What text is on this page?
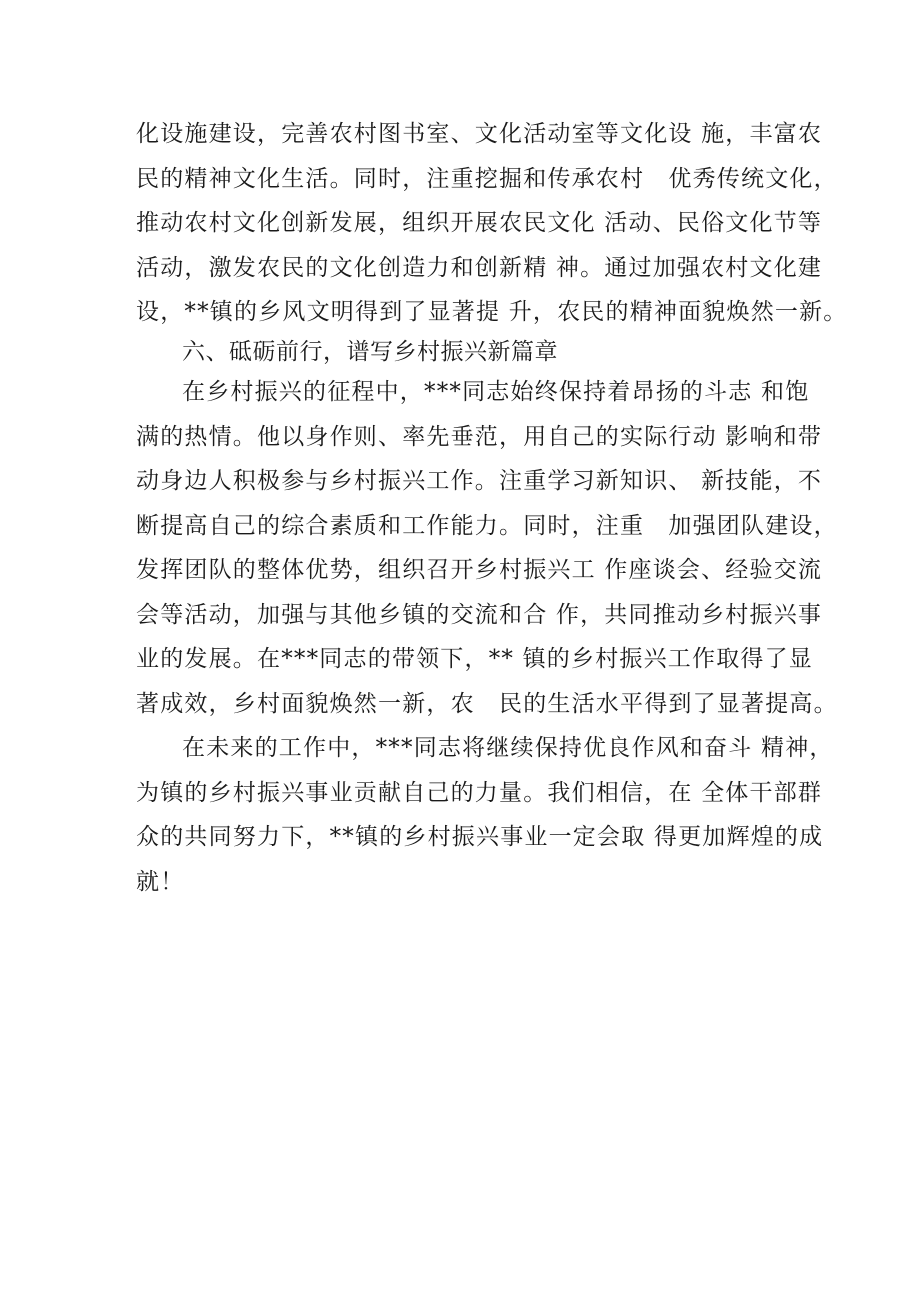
化设施建设，完善农村图书室、文化活动室等文化设 施，丰富农
民的精神文化生活。同时，注重挖掘和传承农村　优秀传统文化，
推动农村文化创新发展，组织开展农民文化 活动、民俗文化节等
活动，激发农民的文化创造力和创新精 神。通过加强农村文化建
设，**镇的乡风文明得到了显著提 升，农民的精神面貌焕然一新。
六、砥砺前行，谱写乡村振兴新篇章
在乡村振兴的征程中，***同志始终保持着昂扬的斗志 和饱
满的热情。他以身作则、率先垂范，用自己的实际行动 影响和带
动身边人积极参与乡村振兴工作。注重学习新知识、 新技能，不
断提高自己的综合素质和工作能力。同时，注重　加强团队建设，
发挥团队的整体优势，组织召开乡村振兴工 作座谈会、经验交流
会等活动，加强与其他乡镇的交流和合 作，共同推动乡村振兴事
业的发展。在***同志的带领下，** 镇的乡村振兴工作取得了显
著成效，乡村面貌焕然一新，农　民的生活水平得到了显著提高。
在未来的工作中，***同志将继续保持优良作风和奋斗 精神，
为镇的乡村振兴事业贡献自己的力量。我们相信，在 全体干部群
众的共同努力下，**镇的乡村振兴事业一定会取 得更加辉煌的成
就！
